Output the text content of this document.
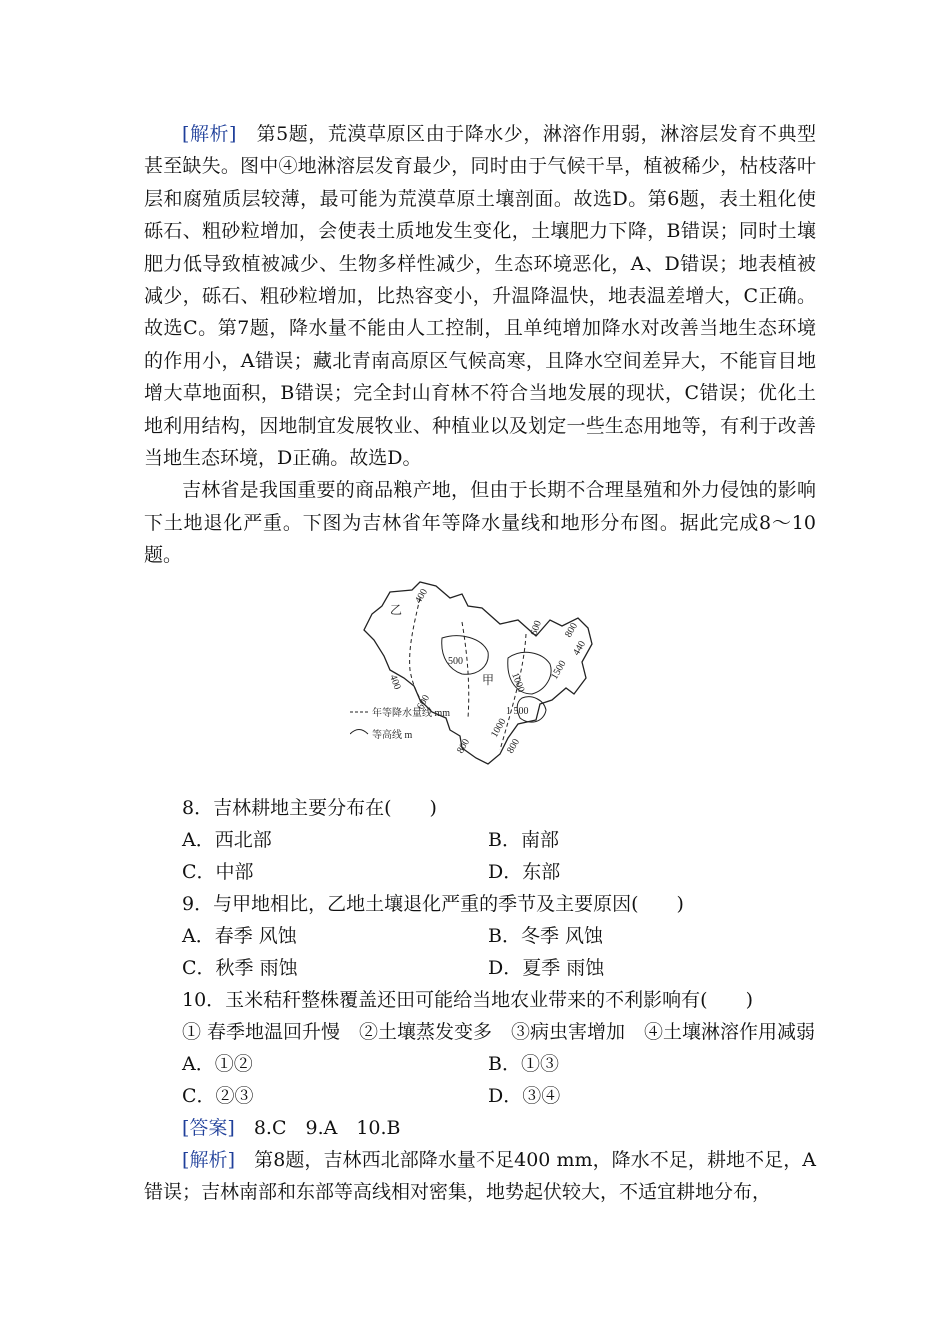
[解析]　第5题，荒漠草原区由于降水少，淋溶作用弱，淋溶层发育不典型甚至缺失。图中④地淋溶层发育最少，同时由于气候干旱，植被稀少，枯枝落叶层和腐殖质层较薄，最可能为荒漠草原土壤剖面。故选D。第6题，表土粗化使砾石、粗砂粒增加，会使表土质地发生变化，土壤肥力下降，B错误；同时土壤肥力低导致植被减少、生物多样性减少，生态环境恶化，A、D错误；地表植被减少，砾石、粗砂粒增加，比热容变小，升温降温快，地表温差增大，C正确。故选C。第7题，降水量不能由人工控制，且单纯增加降水对改善当地生态环境的作用小，A错误；藏北青南高原区气候高寒，且降水空间差异大，不能盲目地增大草地面积，B错误；完全封山育林不符合当地发展的现状，C错误；优化土地利用结构，因地制宜发展牧业、种植业以及划定一些生态用地等，有利于改善当地生态环境，D正确。故选D。

吉林省是我国重要的商品粮产地，但由于长期不合理垦殖和外力侵蚀的影响下土地退化严重。下图为吉林省年等降水量线和地形分布图。据此完成8～10题。

乙
甲
400
400
500
600
600
800
800	800
1000
1000
1500
1 500
440
年等降水量线 mm
等高线 m

8．吉林耕地主要分布在(　　)

A．西北部	B．南部
C．中部	D．东部

9．与甲地相比，乙地土壤退化严重的季节及主要原因(　　)

A．春季 风蚀	B．冬季 风蚀
C．秋季 雨蚀	D．夏季 雨蚀

10．玉米秸秆整株覆盖还田可能给当地农业带来的不利影响有(　　)

① 春季地温回升慢　②土壤蒸发变多　③病虫害增加　④土壤淋溶作用减弱

A．①②	B．①③
C．②③	D．③④

[答案]　8.C　9.A　10.B

[解析]　第8题，吉林西北部降水量不足400 mm，降水不足，耕地不足，A错误；吉林南部和东部等高线相对密集，地势起伏较大，不适宜耕地分布，
